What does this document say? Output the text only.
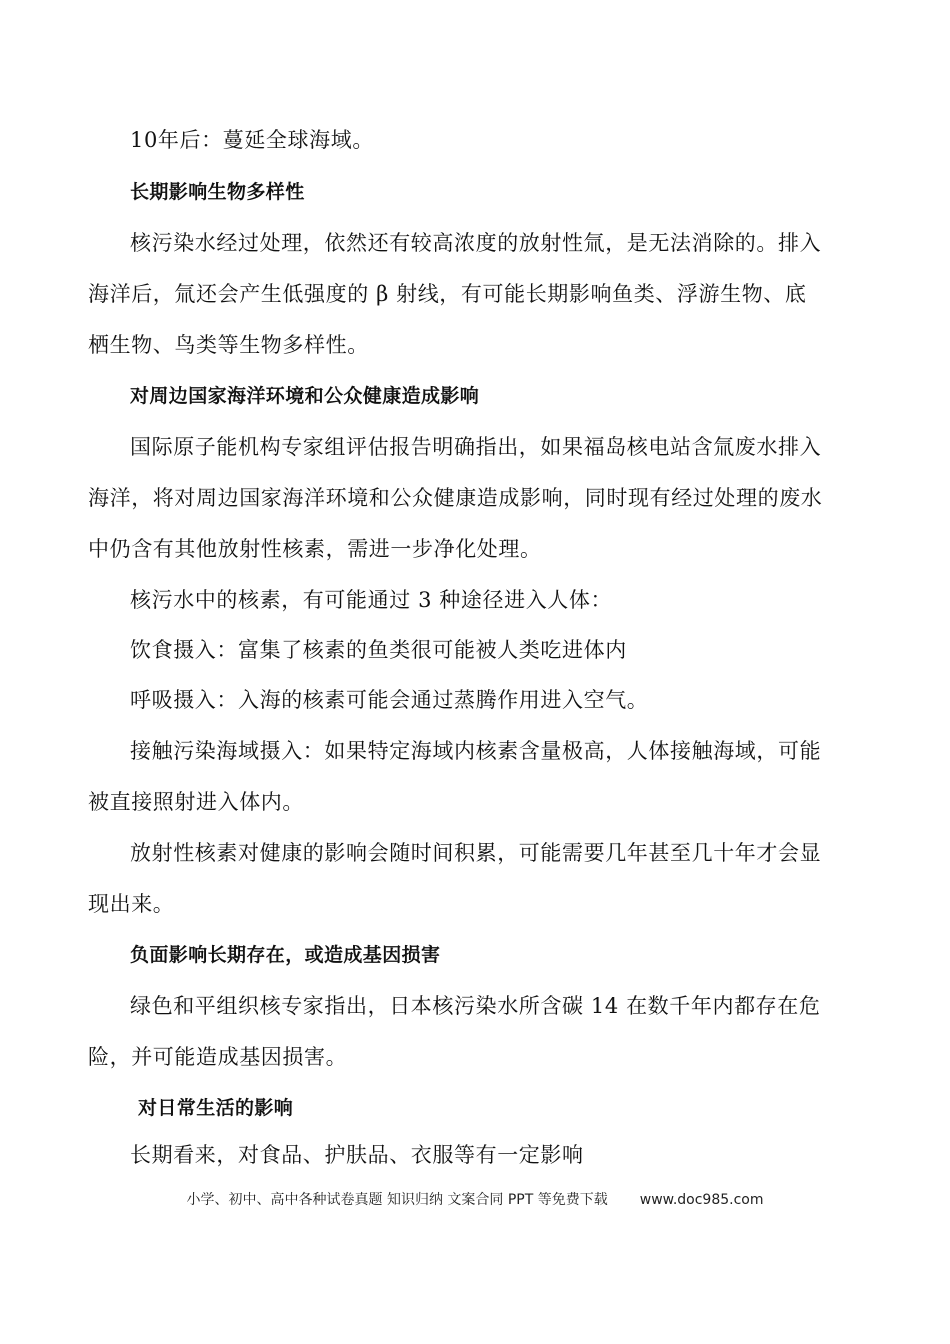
10年后：蔓延全球海域。
长期影响生物多样性
核污染水经过处理，依然还有较高浓度的放射性氚，是无法消除的。排入
海洋后，氚还会产生低强度的 β 射线，有可能长期影响鱼类、浮游生物、底
栖生物、鸟类等生物多样性。
对周边国家海洋环境和公众健康造成影响
国际原子能机构专家组评估报告明确指出，如果福岛核电站含氚废水排入
海洋，将对周边国家海洋环境和公众健康造成影响，同时现有经过处理的废水
中仍含有其他放射性核素，需进一步净化处理。
核污水中的核素，有可能通过 3 种途径进入人体：
饮食摄入：富集了核素的鱼类很可能被人类吃进体内
呼吸摄入：入海的核素可能会通过蒸腾作用进入空气。
接触污染海域摄入：如果特定海域内核素含量极高，人体接触海域，可能
被直接照射进入体内。
放射性核素对健康的影响会随时间积累，可能需要几年甚至几十年才会显
现出来。
负面影响长期存在，或造成基因损害
绿色和平组织核专家指出，日本核污染水所含碳 14 在数千年内都存在危
险，并可能造成基因损害。
对日常生活的影响
长期看来，对食品、护肤品、衣服等有一定影响
小学、初中、高中各种试卷真题 知识归纳 文案合同 PPT 等免费下载 www.doc985.com
